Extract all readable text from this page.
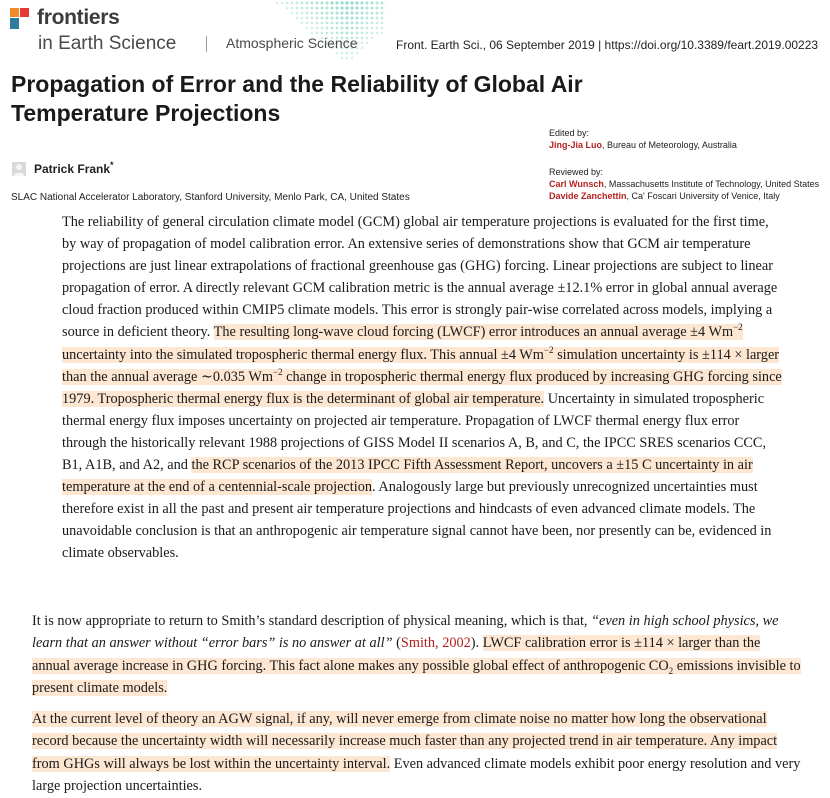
frontiers
in Earth Science	Atmospheric Science	Front. Earth Sci., 06 September 2019 | https://doi.org/10.3389/feart.2019.00223
Propagation of Error and the Reliability of Global Air Temperature Projections
Edited by:
Jing-Jia Luo, Bureau of Meteorology, Australia
Reviewed by:
Carl Wunsch, Massachusetts Institute of Technology, United States
Davide Zanchettin, Ca' Foscari University of Venice, Italy
Patrick Frank*
SLAC National Accelerator Laboratory, Stanford University, Menlo Park, CA, United States
The reliability of general circulation climate model (GCM) global air temperature projections is evaluated for the first time, by way of propagation of model calibration error. An extensive series of demonstrations show that GCM air temperature projections are just linear extrapolations of fractional greenhouse gas (GHG) forcing. Linear projections are subject to linear propagation of error. A directly relevant GCM calibration metric is the annual average ±12.1% error in global annual average cloud fraction produced within CMIP5 climate models. This error is strongly pair-wise correlated across models, implying a source in deficient theory. The resulting long-wave cloud forcing (LWCF) error introduces an annual average ±4 $Wm^{-2}$ uncertainty into the simulated tropospheric thermal energy flux. This annual ±4 $Wm^{-2}$ simulation uncertainty is ±114 × larger than the annual average ∼0.035 $Wm^{-2}$ change in tropospheric thermal energy flux produced by increasing GHG forcing since 1979. Tropospheric thermal energy flux is the determinant of global air temperature. Uncertainty in simulated tropospheric thermal energy flux imposes uncertainty on projected air temperature. Propagation of LWCF thermal energy flux error through the historically relevant 1988 projections of GISS Model II scenarios A, B, and C, the IPCC SRES scenarios CCC, B1, A1B, and A2, and the RCP scenarios of the 2013 IPCC Fifth Assessment Report, uncovers a ±15 C uncertainty in air temperature at the end of a centennial-scale projection. Analogously large but previously unrecognized uncertainties must therefore exist in all the past and present air temperature projections and hindcasts of even advanced climate models. The unavoidable conclusion is that an anthropogenic air temperature signal cannot have been, nor presently can be, evidenced in climate observables.
It is now appropriate to return to Smith’s standard description of physical meaning, which is that, “even in high school physics, we learn that an answer without “error bars” is no answer at all” (Smith, 2002). LWCF calibration error is ±114 × larger than the annual average increase in GHG forcing. This fact alone makes any possible global effect of anthropogenic $CO_2$ emissions invisible to present climate models.
At the current level of theory an AGW signal, if any, will never emerge from climate noise no matter how long the observational record because the uncertainty width will necessarily increase much faster than any projected trend in air temperature. Any impact from GHGs will always be lost within the uncertainty interval. Even advanced climate models exhibit poor energy resolution and very large projection uncertainties.
